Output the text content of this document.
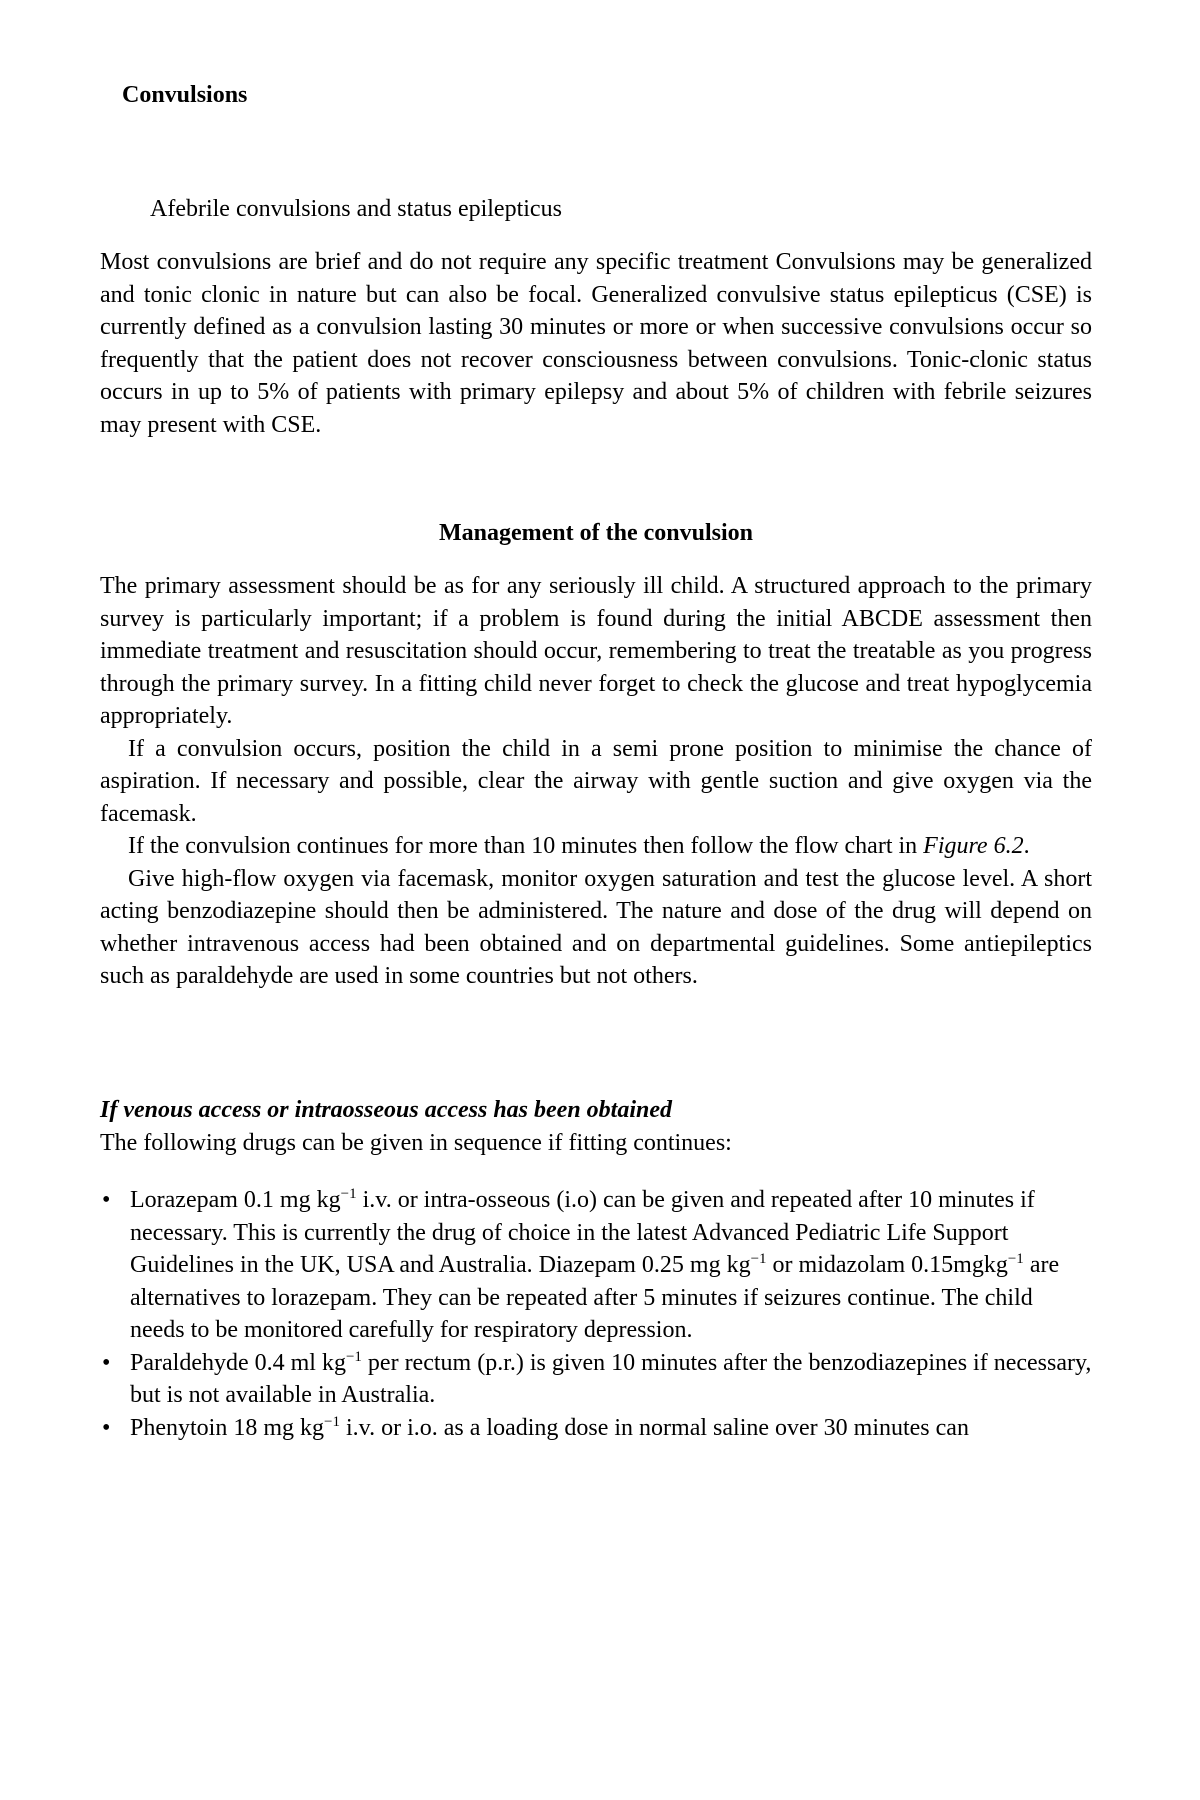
Convulsions

Afebrile convulsions and status epilepticus

Most convulsions are brief and do not require any specific treatment Convulsions may be generalized and tonic clonic in nature but can also be focal. Generalized convulsive status epilepticus (CSE) is currently defined as a convulsion lasting 30 minutes or more or when successive convulsions occur so frequently that the patient does not recover consciousness between convulsions. Tonic-clonic status occurs in up to 5% of patients with primary epilepsy and about 5% of children with febrile seizures may present with CSE.

Management of the convulsion

The primary assessment should be as for any seriously ill child. A structured approach to the primary survey is particularly important; if a problem is found during the initial ABCDE assessment then immediate treatment and resuscitation should occur, remembering to treat the treatable as you progress through the primary survey. In a fitting child never forget to check the glucose and treat hypoglycemia appropriately.

If a convulsion occurs, position the child in a semi prone position to minimise the chance of aspiration. If necessary and possible, clear the airway with gentle suction and give oxygen via the facemask.

If the convulsion continues for more than 10 minutes then follow the flow chart in Figure 6.2.

Give high-flow oxygen via facemask, monitor oxygen saturation and test the glucose level. A short acting benzodiazepine should then be administered. The nature and dose of the drug will depend on whether intravenous access had been obtained and on departmental guidelines. Some antiepileptics such as paraldehyde are used in some countries but not others.

If venous access or intraosseous access has been obtained

The following drugs can be given in sequence if fitting continues:

• Lorazepam 0.1 mg $kg^{-1}$ i.v. or intra-osseous (i.o) can be given and repeated after 10 minutes if necessary. This is currently the drug of choice in the latest Advanced Pediatric Life Support Guidelines in the UK, USA and Australia. Diazepam 0.25 mg $kg^{-1}$ or midazolam 0.15mgkg$^{-1}$ are alternatives to lorazepam. They can be repeated after 5 minutes if seizures continue. The child needs to be monitored carefully for respiratory depression.
• Paraldehyde 0.4 ml $kg^{-1}$ per rectum (p.r.) is given 10 minutes after the benzodiazepines if necessary, but is not available in Australia.
• Phenytoin 18 mg $kg^{-1}$ i.v. or i.o. as a loading dose in normal saline over 30 minutes can
